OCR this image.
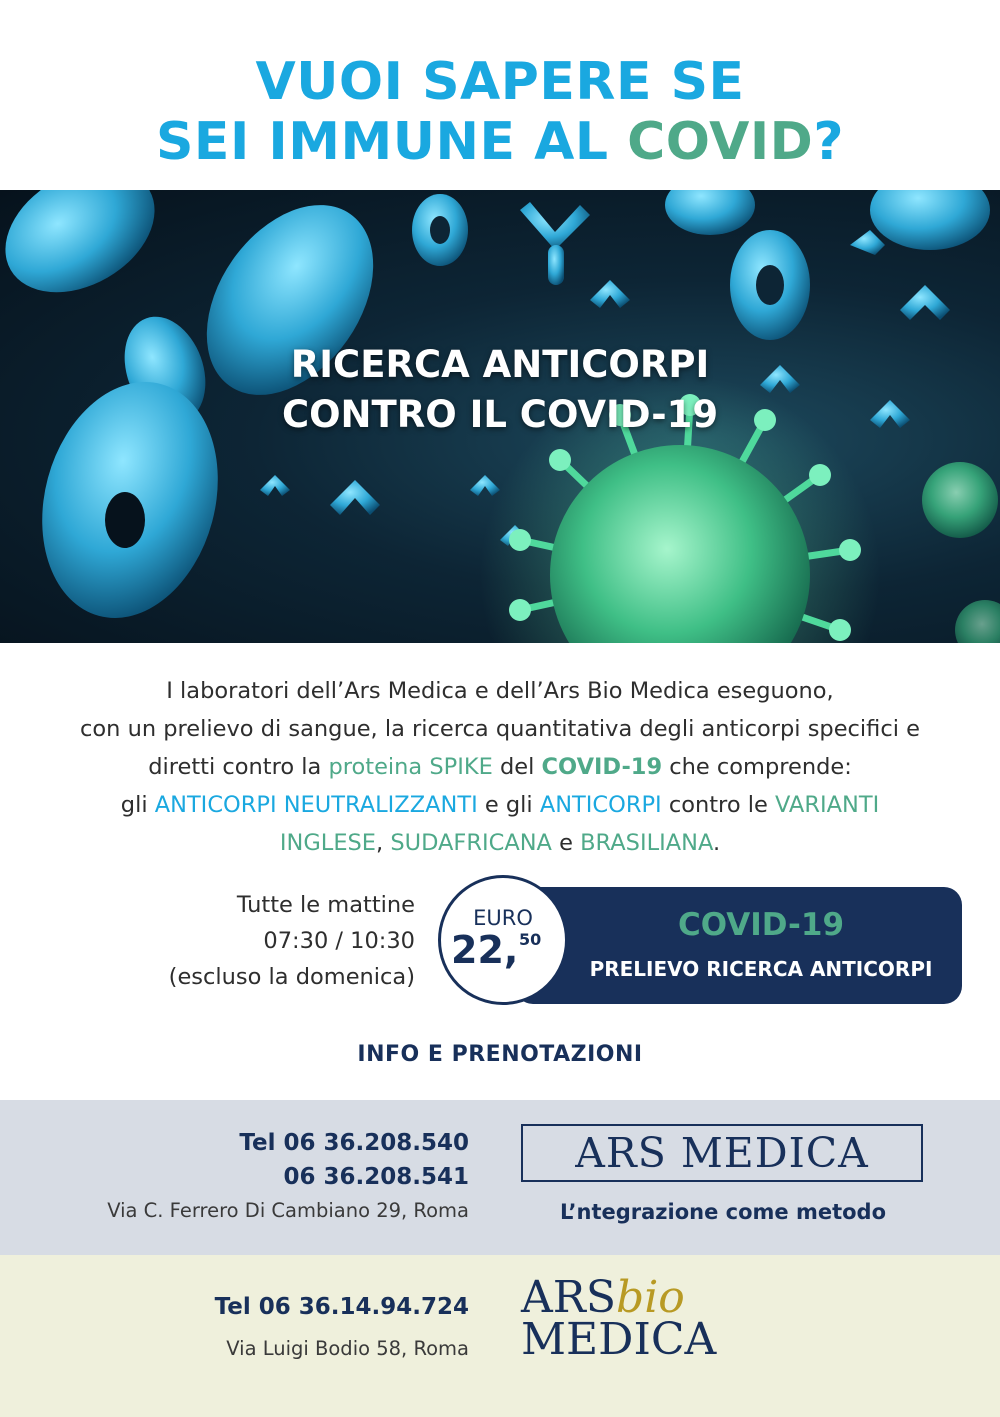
VUOI SAPERE SE
SEI IMMUNE AL COVID?
RICERCA ANTICORPI
CONTRO IL COVID-19
I laboratori dell’Ars Medica e dell’Ars Bio Medica eseguono,
con un prelievo di sangue, la ricerca quantitativa degli anticorpi specifici e
diretti contro la proteina SPIKE del COVID-19 che comprende:
gli ANTICORPI NEUTRALIZZANTI e gli ANTICORPI contro le VARIANTI
INGLESE, SUDAFRICANA e BRASILIANA.
Tutte le mattine
07:30 / 10:30
(escluso la domenica)
COVID-19
PRELIEVO RICERCA ANTICORPI
EURO
22, 50
INFO E PRENOTAZIONI
Tel 06 36.208.540
06 36.208.541
Via C. Ferrero Di Cambiano 29, Roma
ARS MEDICA
L’ntegrazione come metodo
Tel 06 36.14.94.724
Via Luigi Bodio 58, Roma
ARSbio
MEDICA
